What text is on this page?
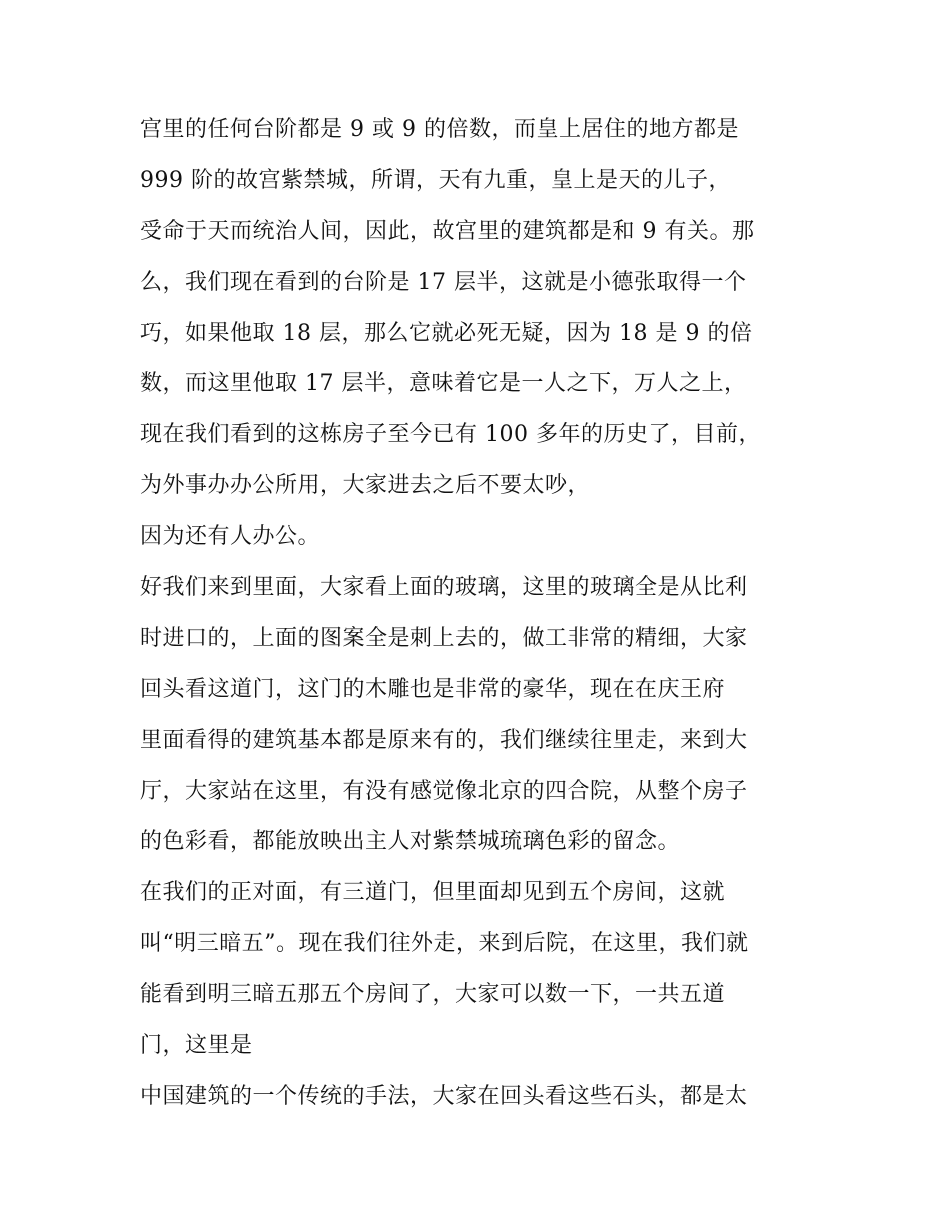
宫里的任何台阶都是 9 或 9 的倍数，而皇上居住的地方都是
999 阶的故宫紫禁城，所谓，天有九重，皇上是天的儿子，
受命于天而统治人间，因此，故宫里的建筑都是和 9 有关。那
么，我们现在看到的台阶是 17 层半，这就是小德张取得一个
巧，如果他取 18 层，那么它就必死无疑，因为 18 是 9 的倍
数，而这里他取 17 层半，意味着它是一人之下，万人之上，
现在我们看到的这栋房子至今已有 100 多年的历史了，目前，
为外事办办公所用，大家进去之后不要太吵，
因为还有人办公。
好我们来到里面，大家看上面的玻璃，这里的玻璃全是从比利
时进口的，上面的图案全是刺上去的，做工非常的精细，大家
回头看这道门，这门的木雕也是非常的豪华，现在在庆王府
里面看得的建筑基本都是原来有的，我们继续往里走，来到大
厅，大家站在这里，有没有感觉像北京的四合院，从整个房子
的色彩看，都能放映出主人对紫禁城琉璃色彩的留念。
在我们的正对面，有三道门，但里面却见到五个房间，这就
叫“明三暗五”。现在我们往外走，来到后院，在这里，我们就
能看到明三暗五那五个房间了，大家可以数一下，一共五道
门，这里是
中国建筑的一个传统的手法，大家在回头看这些石头，都是太
